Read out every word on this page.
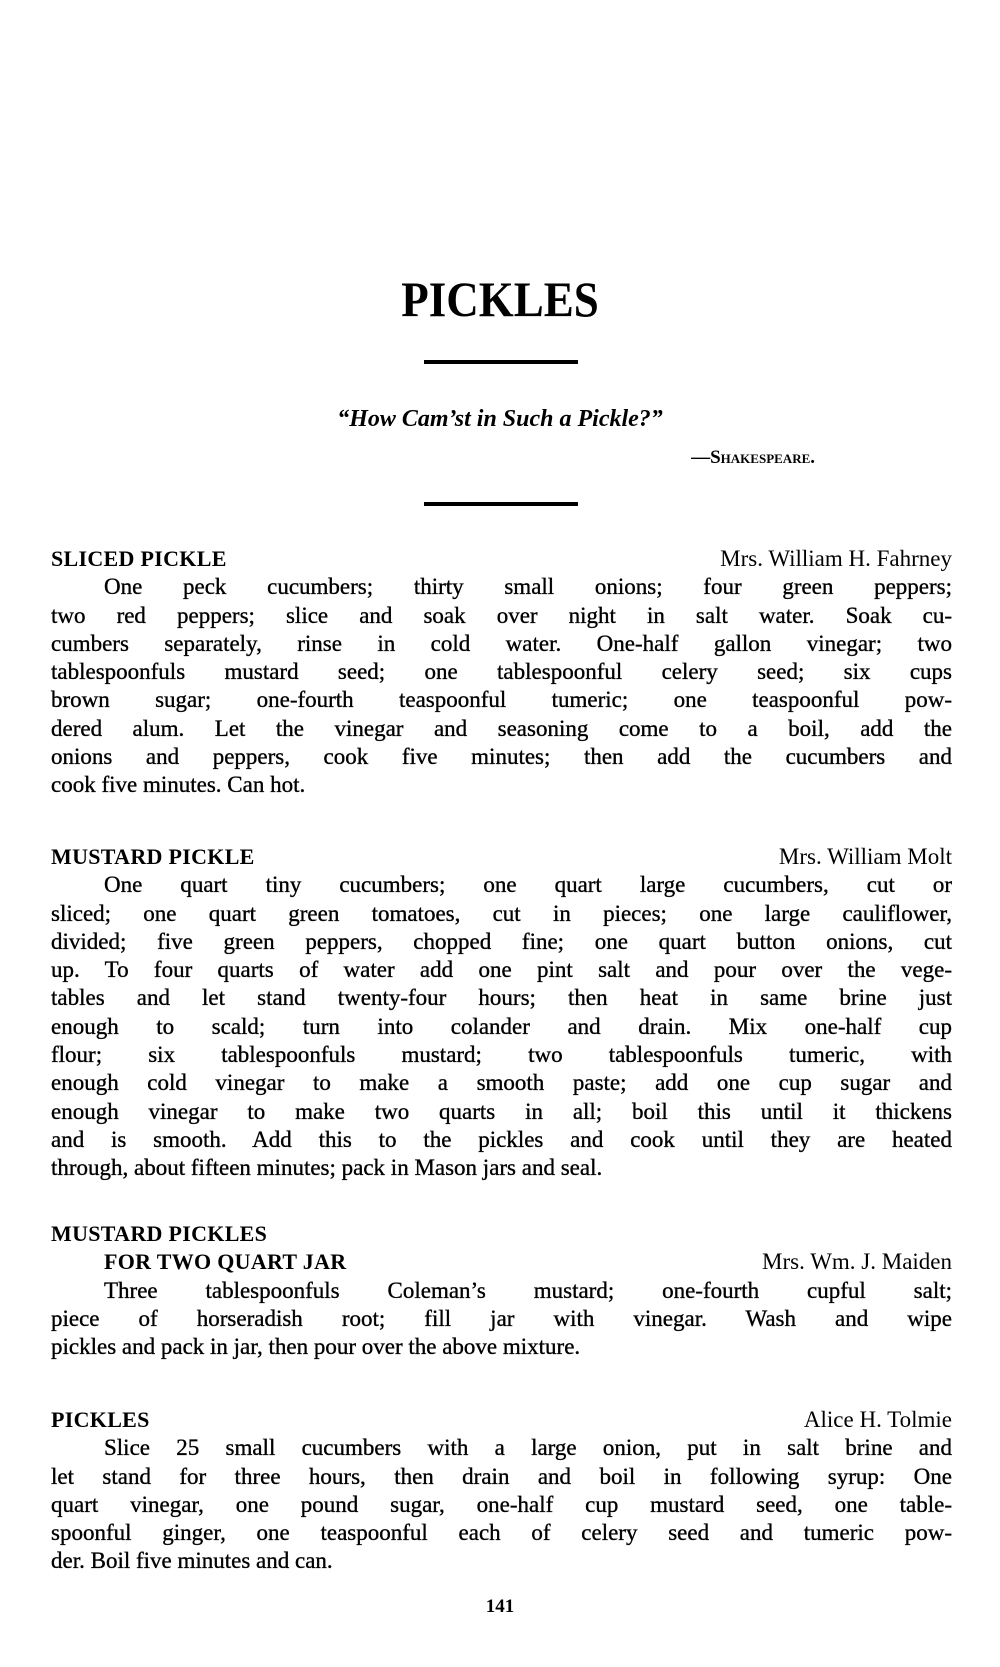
PICKLES
“How Cam’st in Such a Pickle?”
—Shakespeare.
SLICED PICKLE	Mrs. William H. Fahrney
One peck cucumbers; thirty small onions; four green peppers;
two red peppers; slice and soak over night in salt water. Soak cu-
cumbers separately, rinse in cold water. One-half gallon vinegar; two
tablespoonfuls mustard seed; one tablespoonful celery seed; six cups
brown sugar; one-fourth teaspoonful tumeric; one teaspoonful pow-
dered alum. Let the vinegar and seasoning come to a boil, add the
onions and peppers, cook five minutes; then add the cucumbers and
cook five minutes. Can hot.
MUSTARD PICKLE	Mrs. William Molt
One quart tiny cucumbers; one quart large cucumbers, cut or
sliced; one quart green tomatoes, cut in pieces; one large cauliflower,
divided; five green peppers, chopped fine; one quart button onions, cut
up. To four quarts of water add one pint salt and pour over the vege-
tables and let stand twenty-four hours; then heat in same brine just
enough to scald; turn into colander and drain. Mix one-half cup
flour; six tablespoonfuls mustard; two tablespoonfuls tumeric, with
enough cold vinegar to make a smooth paste; add one cup sugar and
enough vinegar to make two quarts in all; boil this until it thickens
and is smooth. Add this to the pickles and cook until they are heated
through, about fifteen minutes; pack in Mason jars and seal.
MUSTARD PICKLES
FOR TWO QUART JAR	Mrs. Wm. J. Maiden
Three tablespoonfuls Coleman’s mustard; one-fourth cupful salt;
piece of horseradish root; fill jar with vinegar. Wash and wipe
pickles and pack in jar, then pour over the above mixture.
PICKLES	Alice H. Tolmie
Slice 25 small cucumbers with a large onion, put in salt brine and
let stand for three hours, then drain and boil in following syrup: One
quart vinegar, one pound sugar, one-half cup mustard seed, one table-
spoonful ginger, one teaspoonful each of celery seed and tumeric pow-
der. Boil five minutes and can.
141
